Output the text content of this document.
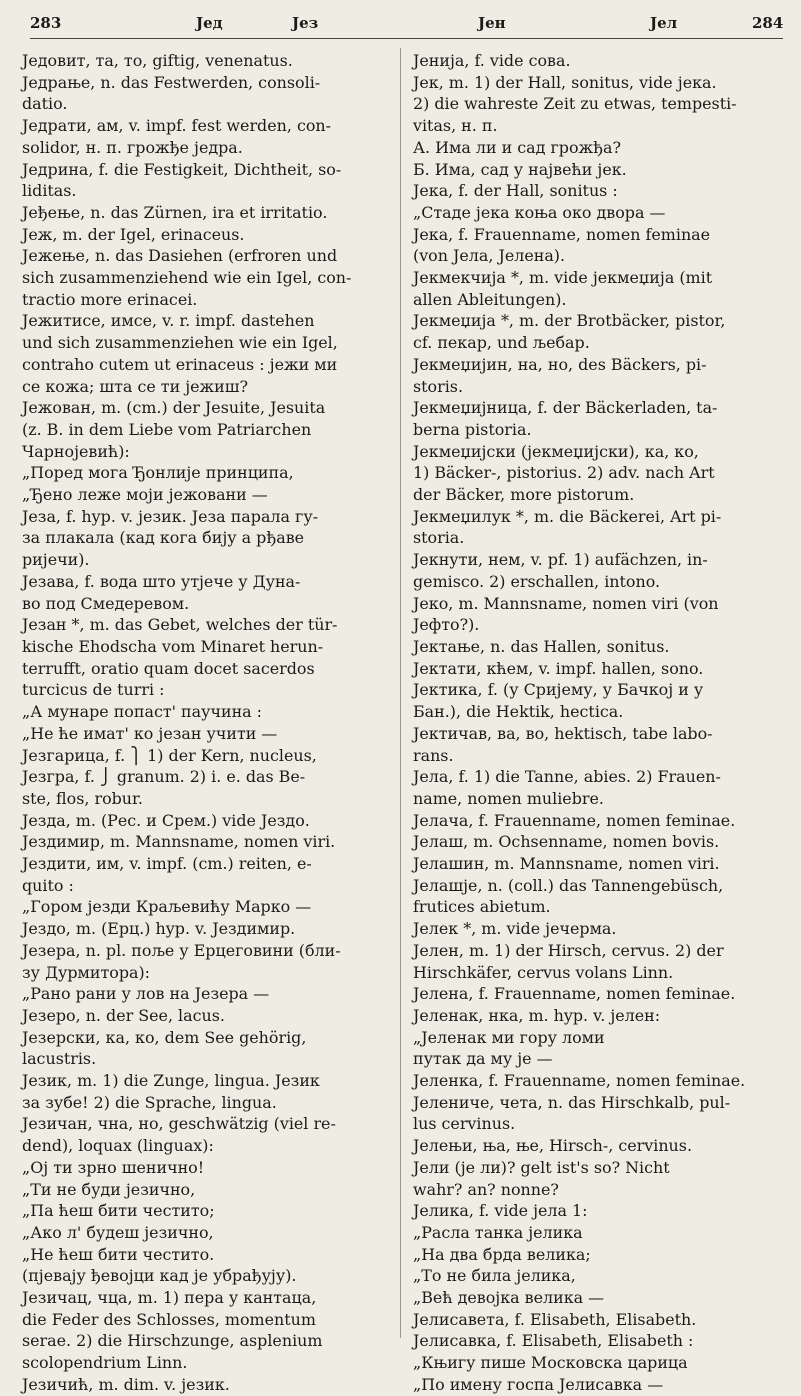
283	Јед	Јез	Јен	Јел	284
Једовит, та, то, giftig, venenatus.
Једрање, n. das Festwerden, consoli-
datio.
Једрати, ам, v. impf. fest werden, con-
solidor, н. п. грожђе једра.
Једрина, f. die Festigkeit, Dichtheit, so-
liditas.
Јеђење, n. das Zürnen, ira et irritatio.
Јеж, m. der Igel, erinaceus.
Јежење, n. das Dasiehen (erfroren und
sich zusammenziehend wie ein Igel, con-
tractio more erinacei.
Јежитисе, имсе, v. r. impf. dastehen
und sich zusammenziehen wie ein Igel,
contraho cutem ut erinaceus : јежи ми
се кожа; шта се ти јежиш?
Јежован, m. (cm.) der Jesuite, Jesuita
(z. B. in dem Liebe vom Patriarchen
Чарнојевић):
„Поред мога Ђонлије принципа,
„Ђено леже моји јежовани —
Језа, f. hyp. v. језик. Језа парала гу-
за плакала (кад кога бију а рђаве
ријечи).
Језава, f. вода што утјече у Дуна-
во под Смедеревом.
Језан *, m. das Gebet, welches der tür-
kische Ehodscha vom Minaret herun-
terrufft, oratio quam docet sacerdos
turcicus de turri :
„А мунаре попаст' паучина :
„Не ће имат' ко језан учити —
Језгарица, f. ⎫ 1) der Kern, nucleus,
Језгра, f. ⎭ granum. 2) i. e. das Be-
ste, flos, robur.
Језда, m. (Рес. и Срем.) vide Јездо.
Јездимир, m. Mannsname, nomen viri.
Јездити, им, v. impf. (cm.) reiten, e-
quito :
„Гором језди Краљевићу Марко —
Јездо, m. (Ерц.) hyp. v. Јездимир.
Језера, n. pl. поље у Ерцеговини (бли-
зу Дурмитора):
„Рано рани у лов на Језера —
Језеро, n. der See, lacus.
Језерски, ка, ко, dem See gehörig,
lacustris.
Језик, m. 1) die Zunge, lingua. Језик
за зубе! 2) die Sprache, lingua.
Језичан, чна, но, geschwätzig (viel re-
dend), loquax (linguax):
„Ој ти зрно шенично!
„Ти не буди језично,
„Па ћеш бити честито;
„Ако л' будеш језично,
„Не ћеш бити честито.
(пјевају ђевојци кад је убрађују).
Језичац, чца, m. 1) пера у кантаца,
die Feder des Schlosses, momentum
serae. 2) die Hirschzunge, asplenium
scolopendrium Linn.
Језичић, m. dim. v. језик.
Јенија, f. vide сова.
Јек, m. 1) der Hall, sonitus, vide јека.
2) die wahreste Zeit zu etwas, tempesti-
vitas, н. п.
А. Има ли и сад грожђа?
Б. Има, сад у највећи јек.
Јека, f. der Hall, sonitus :
„Стаде јека коња око двора —
Јека, f. Frauenname, nomen feminae
(von Јела, Јелена).
Јекмекчија *, m. vide јекмеџија (mit
allen Ableitungen).
Јекмеџија *, m. der Brotbäcker, pistor,
cf. пекар, und љебар.
Јекмеџијин, на, но, des Bäckers, pi-
storis.
Јекмеџијница, f. der Bäckerladen, ta-
berna pistoria.
Јекмеџијски (јекмеџијски), ка, ко,
1) Bäcker-, pistorius. 2) adv. nach Art
der Bäcker, more pistorum.
Јекмеџилук *, m. die Bäckerei, Art pi-
storia.
Јекнути, нем, v. pf. 1) aufächzen, in-
gemisco. 2) erschallen, intono.
Јеко, m. Mannsname, nomen viri (von
Јефто?).
Јектање, n. das Hallen, sonitus.
Јектати, кћем, v. impf. hallen, sono.
Јектика, f. (у Сријему, у Бачкој и у
Бан.), die Hektik, hectica.
Јектичав, ва, во, hektisch, tabe labo-
rans.
Јела, f. 1) die Tanne, abies. 2) Frauen-
name, nomen muliebre.
Јелача, f. Frauenname, nomen feminae.
Јелаш, m. Ochsenname, nomen bovis.
Јелашин, m. Mannsname, nomen viri.
Јелашје, n. (coll.) das Tannengebüsch,
frutices abietum.
Јелек *, m. vide јечерма.
Јелен, m. 1) der Hirsch, cervus. 2) der
Hirschkäfer, cervus volans Linn.
Јелена, f. Frauenname, nomen feminae.
Јеленак, нка, m. hyp. v. јелен:
„Јеленак ми гору ломи
путак да му је —
Јеленка, f. Frauenname, nomen feminae.
Јелениче, чета, n. das Hirschkalb, pul-
lus cervinus.
Јелењи, ња, ње, Hirsch-, cervinus.
Јели (је ли)? gelt ist's so? Nicht
wahr? an? nonne?
Јелика, f. vide јела 1:
„Расла танка јелика
„На два брда велика;
„То не била јелика,
„Већ девојка велика —
Јелисавета, f. Elisabeth, Elisabeth.
Јелисавка, f. Elisabeth, Elisabeth :
„Књигу пише Московска царица
„По имену госпа Јелисавка —
